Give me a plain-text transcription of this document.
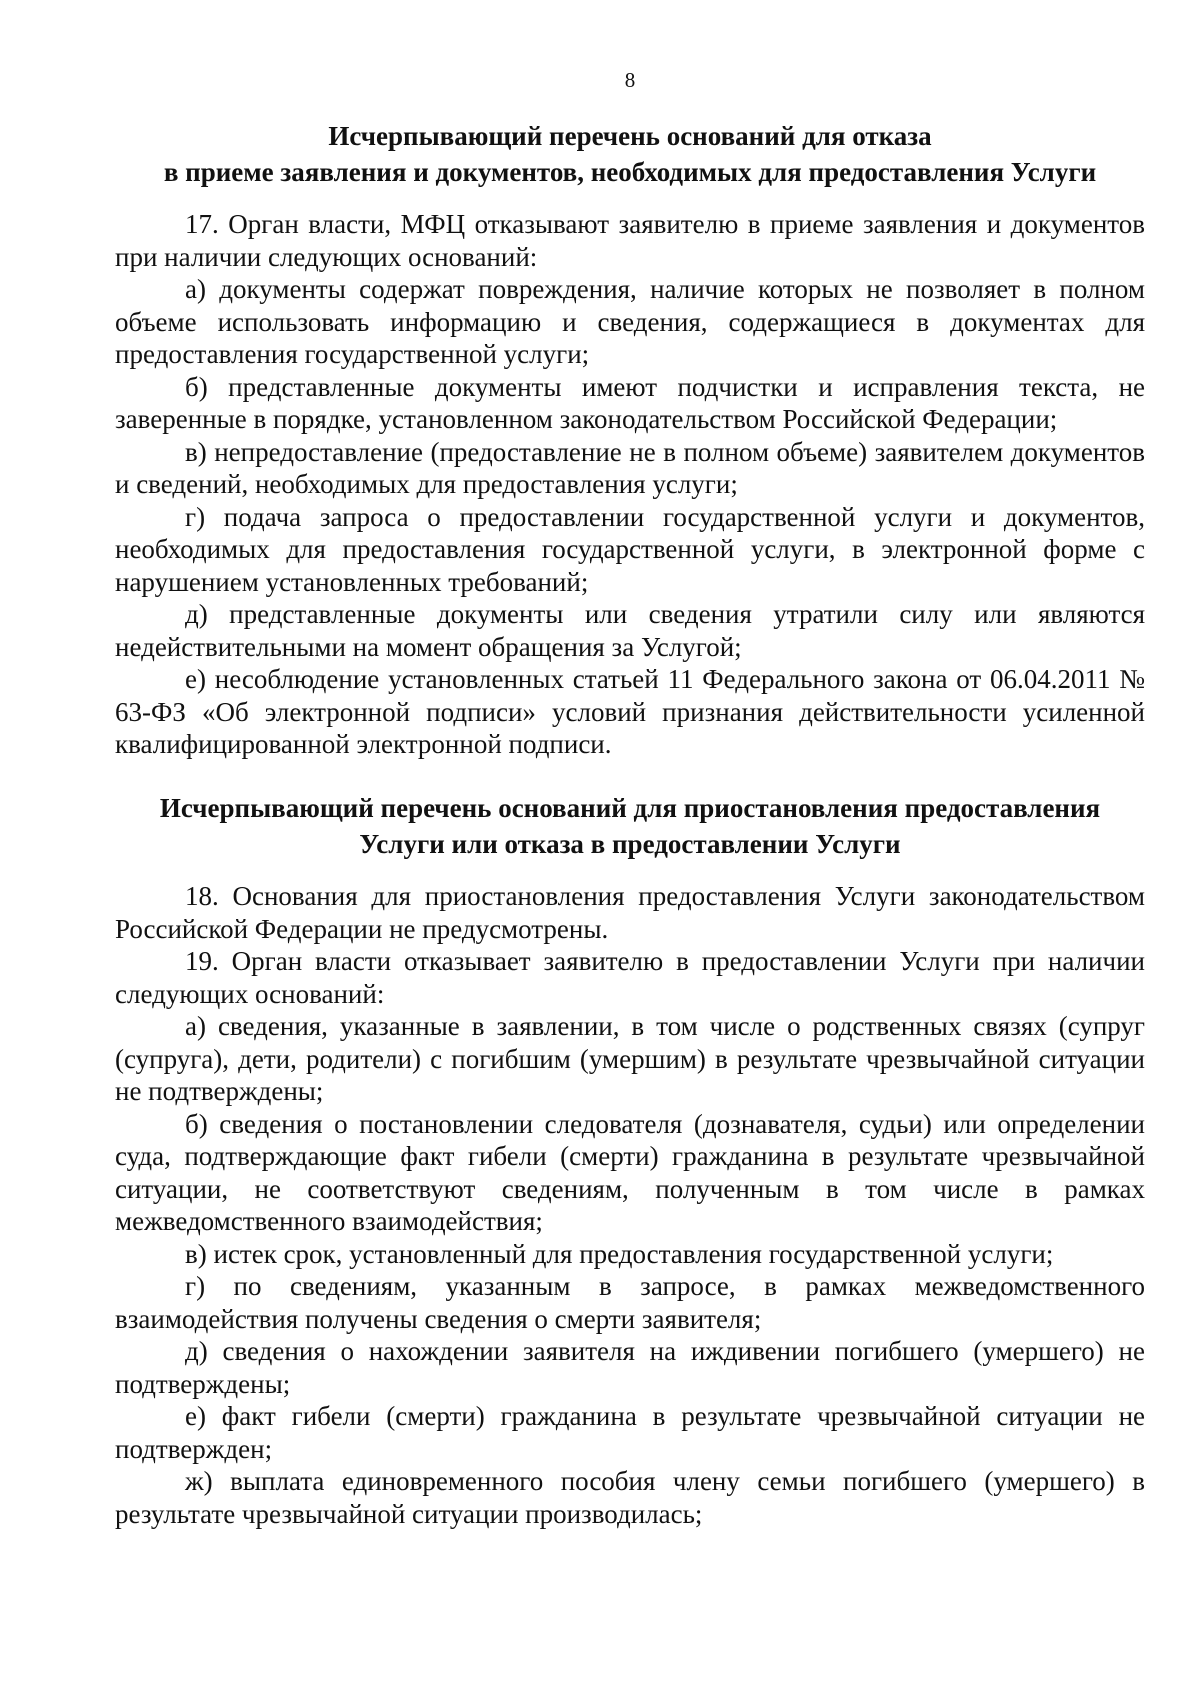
8
Исчерпывающий перечень оснований для отказа
в приеме заявления и документов, необходимых для предоставления Услуги

17. Орган власти, МФЦ отказывают заявителю в приеме заявления и документов при наличии следующих оснований:

а) документы содержат повреждения, наличие которых не позволяет в полном объеме использовать информацию и сведения, содержащиеся в документах для предоставления государственной услуги;

б) представленные документы имеют подчистки и исправления текста, не заверенные в порядке, установленном законодательством Российской Федерации;

в) непредоставление (предоставление не в полном объеме) заявителем документов и сведений, необходимых для предоставления услуги;

г) подача запроса о предоставлении государственной услуги и документов, необходимых для предоставления государственной услуги, в электронной форме с нарушением установленных требований;

д) представленные документы или сведения утратили силу или являются недействительными на момент обращения за Услугой;

е) несоблюдение установленных статьей 11 Федерального закона от 06.04.2011 № 63-ФЗ «Об электронной подписи» условий признания действительности усиленной квалифицированной электронной подписи.

Исчерпывающий перечень оснований для приостановления предоставления
Услуги или отказа в предоставлении Услуги

18. Основания для приостановления предоставления Услуги законодательством Российской Федерации не предусмотрены.

19. Орган власти отказывает заявителю в предоставлении Услуги при наличии следующих оснований:

а) сведения, указанные в заявлении, в том числе о родственных связях (супруг (супруга), дети, родители) с погибшим (умершим) в результате чрезвычайной ситуации не подтверждены;

б) сведения о постановлении следователя (дознавателя, судьи) или определении суда, подтверждающие факт гибели (смерти) гражданина в результате чрезвычайной ситуации, не соответствуют сведениям, полученным в том числе в рамках межведомственного взаимодействия;

в) истек срок, установленный для предоставления государственной услуги;

г) по сведениям, указанным в запросе, в рамках межведомственного взаимодействия получены сведения о смерти заявителя;

д) сведения о нахождении заявителя на иждивении погибшего (умершего) не подтверждены;

е) факт гибели (смерти) гражданина в результате чрезвычайной ситуации не подтвержден;

ж) выплата единовременного пособия члену семьи погибшего (умершего) в результате чрезвычайной ситуации производилась;
